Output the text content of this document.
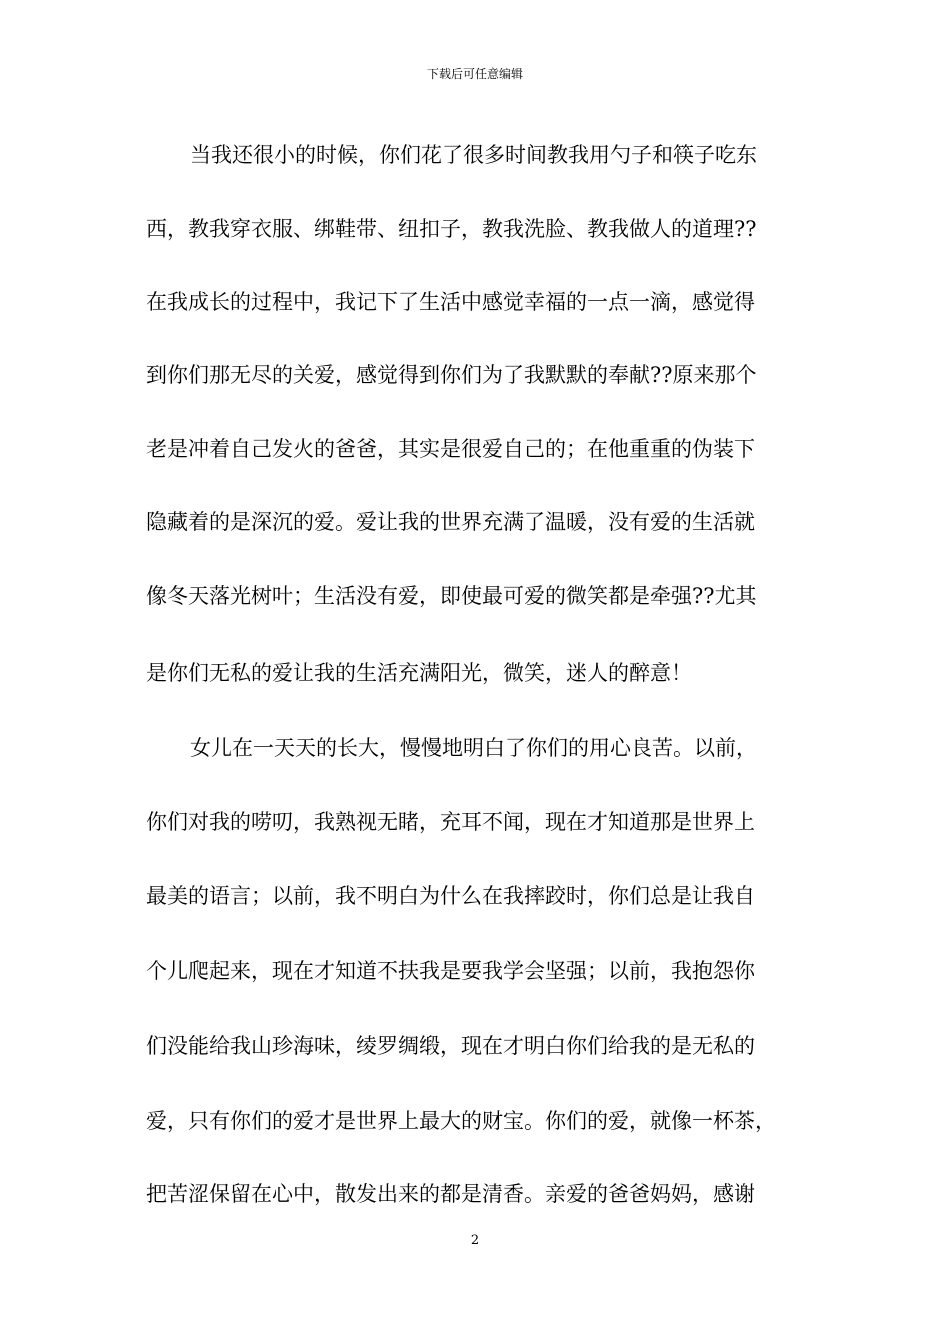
下载后可任意编辑
当我还很小的时候，你们花了很多时间教我用勺子和筷子吃东
西，教我穿衣服、绑鞋带、纽扣子，教我洗脸、教我做人的道理??
在我成长的过程中，我记下了生活中感觉幸福的一点一滴，感觉得
到你们那无尽的关爱，感觉得到你们为了我默默的奉献??原来那个
老是冲着自己发火的爸爸，其实是很爱自己的；在他重重的伪装下
隐藏着的是深沉的爱。爱让我的世界充满了温暖，没有爱的生活就
像冬天落光树叶；生活没有爱，即使最可爱的微笑都是牵强??尤其
是你们无私的爱让我的生活充满阳光，微笑，迷人的醉意！
女儿在一天天的长大，慢慢地明白了你们的用心良苦。以前，
你们对我的唠叨，我熟视无睹，充耳不闻，现在才知道那是世界上
最美的语言；以前，我不明白为什么在我摔跤时，你们总是让我自
个儿爬起来，现在才知道不扶我是要我学会坚强；以前，我抱怨你
们没能给我山珍海味，绫罗绸缎，现在才明白你们给我的是无私的
爱，只有你们的爱才是世界上最大的财宝。你们的爱，就像一杯茶，
把苦涩保留在心中，散发出来的都是清香。亲爱的爸爸妈妈，感谢
2
